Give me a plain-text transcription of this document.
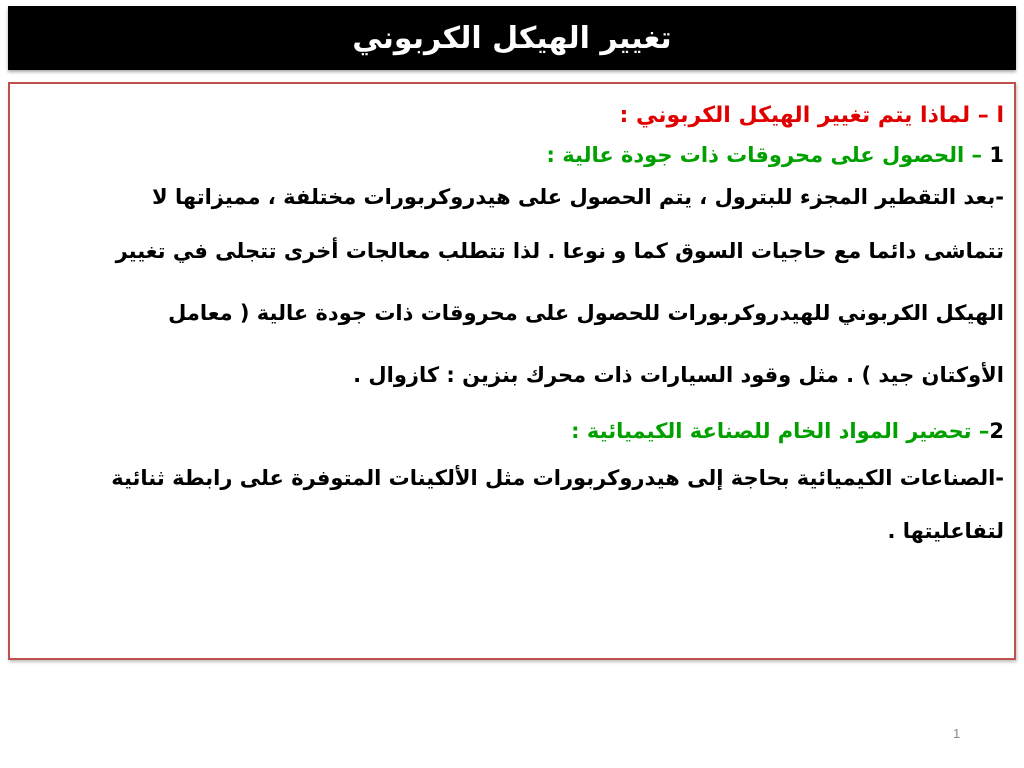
تغيير الهيكل الكربوني

ا – لماذا يتم تغيير الهيكل الكربوني :

1 – الحصول على محروقات ذات جودة عالية :

-بعد التقطير المجزء للبترول ، يتم الحصول على هيدروكربورات مختلفة ، مميزاتها لا

تتماشى دائما مع حاجيات السوق كما و نوعا . لذا تتطلب معالجات أخرى تتجلى في تغيير

الهيكل الكربوني للهيدروكربورات للحصول على محروقات ذات جودة عالية ( معامل

الأوكتان جيد ) . مثل وقود السيارات ذات محرك بنزين : كازوال .

2– تحضير المواد الخام للصناعة الكيميائية :

-الصناعات الكيميائية بحاجة إلى هيدروكربورات مثل الألكينات المتوفرة على رابطة ثنائية

لتفاعليتها .

1
